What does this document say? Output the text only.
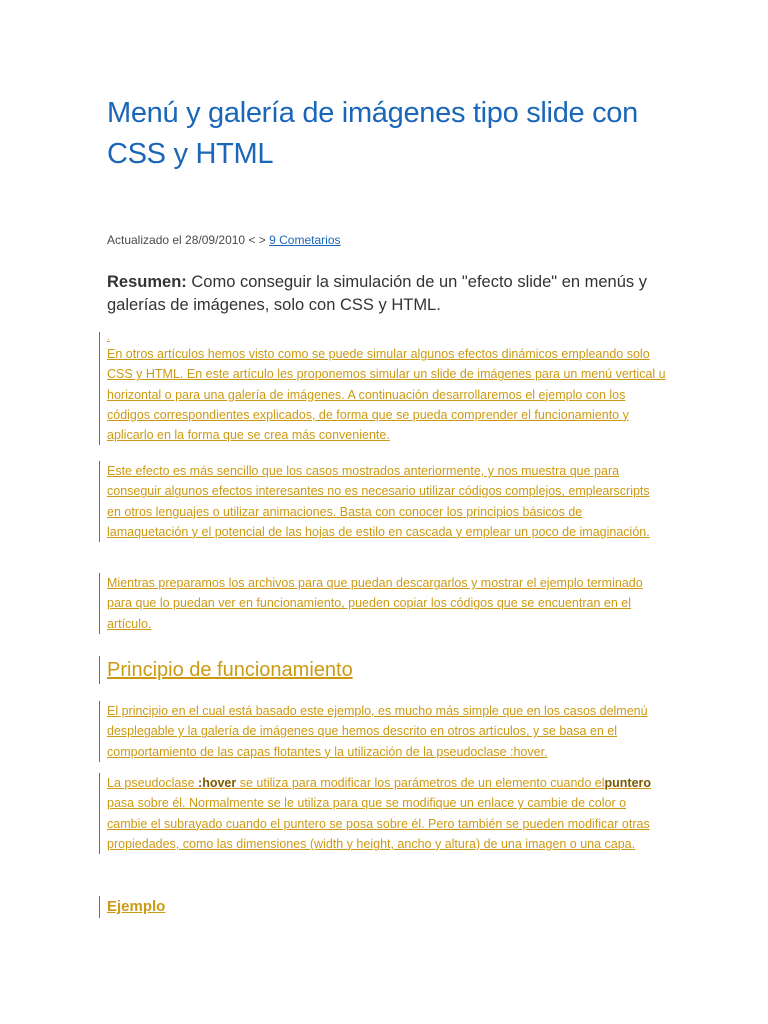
Menú y galería de imágenes tipo slide con CSS y HTML
Actualizado el 28/09/2010 < > 9 Cometarios

Resumen: Como conseguir la simulación de un "efecto slide" en menús y galerías de imágenes, solo con CSS y HTML.

.

En otros artículos hemos visto como se puede simular algunos efectos dinámicos empleando solo CSS y HTML. En este artículo les proponemos simular un slide de imágenes para un menú vertical u horizontal o para una galería de imágenes. A continuación desarrollaremos el ejemplo con los códigos correspondientes explicados, de forma que se pueda comprender el funcionamiento y aplicarlo en la forma que se crea más conveniente.

Este efecto es más sencillo que los casos mostrados anteriormente, y nos muestra que para conseguir algunos efectos interesantes no es necesario utilizar códigos complejos, emplearscripts en otros lenguajes o utilizar animaciones. Basta con conocer los principios básicos de lamaquetación y el potencial de las hojas de estilo en cascada y emplear un poco de imaginación.

Mientras preparamos los archivos para que puedan descargarlos y mostrar el ejemplo terminado para que lo puedan ver en funcionamiento, pueden copiar los códigos que se encuentran en el artículo.

Principio de funcionamiento

El principio en el cual está basado este ejemplo, es mucho más simple que en los casos delmenú desplegable y la galería de imágenes que hemos descrito en otros artículos, y se basa en el comportamiento de las capas flotantes y la utilización de la pseudoclase :hover.

La pseudoclase :hover se utiliza para modificar los parámetros de un elemento cuando elpuntero pasa sobre él. Normalmente se le utiliza para que se modifique un enlace y cambie de color o cambie el subrayado cuando el puntero se posa sobre él. Pero también se pueden modificar otras propiedades, como las dimensiones (width y height, ancho y altura) de una imagen o una capa.

Ejemplo
